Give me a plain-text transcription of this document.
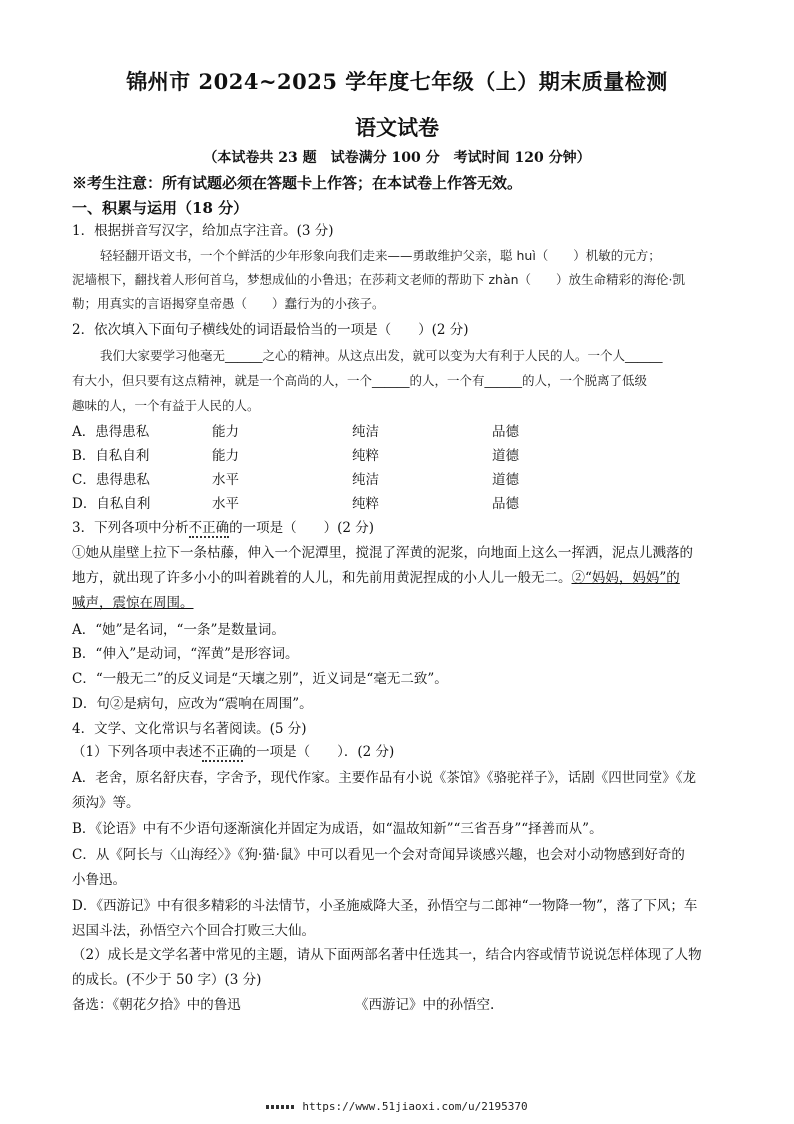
锦州市 2024~2025 学年度七年级（上）期末质量检测
语文试卷
（本试卷共 23 题　试卷满分 100 分　考试时间 120 分钟）
※考生注意：所有试题必须在答题卡上作答；在本试卷上作答无效。
一、积累与运用（18 分）
1．根据拼音写汉字，给加点字注音。(3 分)
轻轻翻开语文书，一个个鲜活的少年形象向我们走来——勇敢维护父亲，聪 huì（　　）机敏的元方；
泥墙根下，翻找着人形何首乌，梦想成仙的小鲁迅；在莎莉文老师的帮助下 zhàn（　　）放生命精彩的海伦·凯
勒；用真实的言语揭穿皇帝愚（　　）蠢行为的小孩子。
2．依次填入下面句子横线处的词语最恰当的一项是（　　）(2 分)
我们大家要学习他毫无______之心的精神。从这点出发，就可以变为大有利于人民的人。一个人______
有大小，但只要有这点精神，就是一个高尚的人，一个______的人，一个有______的人，一个脱离了低级
趣味的人，一个有益于人民的人。
A．患得患私	能力	纯洁	品德
B．自私自利	能力	纯粹	道德
C．患得患私	水平	纯洁	道德
D．自私自利	水平	纯粹	品德
3．下列各项中分析不正确的一项是（　　）(2 分)
①她从崖壁上拉下一条枯藤，伸入一个泥潭里，搅混了浑黄的泥浆，向地面上这么一挥洒，泥点儿溅落的
地方，就出现了许多小小的叫着跳着的人儿，和先前用黄泥捏成的小人儿一般无二。②“妈妈，妈妈”的
喊声，震惊在周围。
A．“她”是名词，“一条”是数量词。
B．“伸入”是动词，“浑黄”是形容词。
C．“一般无二”的反义词是“天壤之别”，近义词是“毫无二致”。
D．句②是病句，应改为“震响在周围”。
4．文学、文化常识与名著阅读。(5 分)
（1）下列各项中表述不正确的一项是（　　）．(2 分)
A．老舍，原名舒庆春，字舍予，现代作家。主要作品有小说《茶馆》《骆驼祥子》，话剧《四世同堂》《龙
须沟》等。
B．《论语》中有不少语句逐渐演化并固定为成语，如“温故知新”“三省吾身”“择善而从”。
C．从《阿长与〈山海经〉》《狗·猫·鼠》中可以看见一个会对奇闻异谈感兴趣，也会对小动物感到好奇的
小鲁迅。
D．《西游记》中有很多精彩的斗法情节，小圣施威降大圣，孙悟空与二郎神“一物降一物”，落了下风；车
迟国斗法，孙悟空六个回合打败三大仙。
（2）成长是文学名著中常见的主题，请从下面两部名著中任选其一，结合内容或情节说说怎样体现了人物
的成长。(不少于 50 字）(3 分)
备选：《朝花夕拾》中的鲁迅	《西游记》中的孙悟空.
https://www.51jiaoxi.com/u/2195370
